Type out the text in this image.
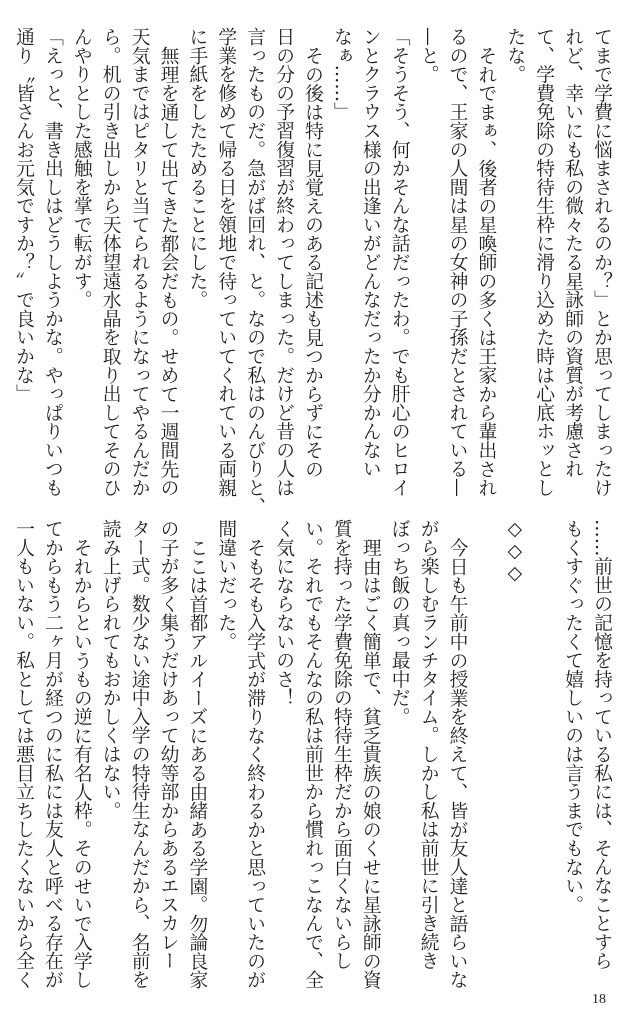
てまで学費に悩まされるのか？」とか思ってしまったけ
れど、幸いにも私の微々たる星詠師の資質が考慮され
て、学費免除の特待生枠に滑り込めた時は心底ホッとし
たな。
それでまぁ、後者の星喚師の多くは王家から輩出され
るので、王家の人間は星の女神の子孫だとされている—
—と。
「そうそう、何かそんな話だったわ。でも肝心のヒロイ
ンとクラウス様の出逢いがどんなだったか分かんない
なぁ……」
その後は特に見覚えのある記述も見つからずにその
日の分の予習復習が終わってしまった。だけど昔の人は
言ったものだ。急がば回れ、と。なので私はのんびりと、
学業を修めて帰る日を領地で待っていてくれている両親
に手紙をしたためることにした。
無理を通して出てきた都会だもの。せめて一週間先の
天気まではピタリと当てられるようになってやるんだか
ら。机の引き出しから天体望遠水晶を取り出してそのひ
んやりとした感触を掌で転がす。
「えっと、書き出しはどうしようかな。やっぱりいつも
通り〝皆さんお元気ですか？〟で良いかな」
……前世の記憶を持っている私には、そんなことすら
もくすぐったくて嬉しいのは言うまでもない。
◇◇◇
今日も午前中の授業を終えて、皆が友人達と語らいな
がら楽しむランチタイム。しかし私は前世に引き続き
ぼっち飯の真っ最中だ。
理由はごく簡単で、貧乏貴族の娘のくせに星詠師の資
質を持った学費免除の特待生枠だから面白くないらし
い。それでもそんなの私は前世から慣れっこなんで、全
く気にならないのさ！
そもそも入学式が滞りなく終わるかと思っていたのが
間違いだった。
ここは首都アルイーズにある由緒ある学園。勿論良家
の子が多く集うだけあって幼等部からあるエスカレー
ター式。数少ない途中入学の特待生なんだから、名前を
読み上げられてもおかしくはない。
それからというもの逆に有名人枠。そのせいで入学し
てからもう二ヶ月が経つのに私には友人と呼べる存在が
一人もいない。私としては悪目立ちしたくないから全く
18
